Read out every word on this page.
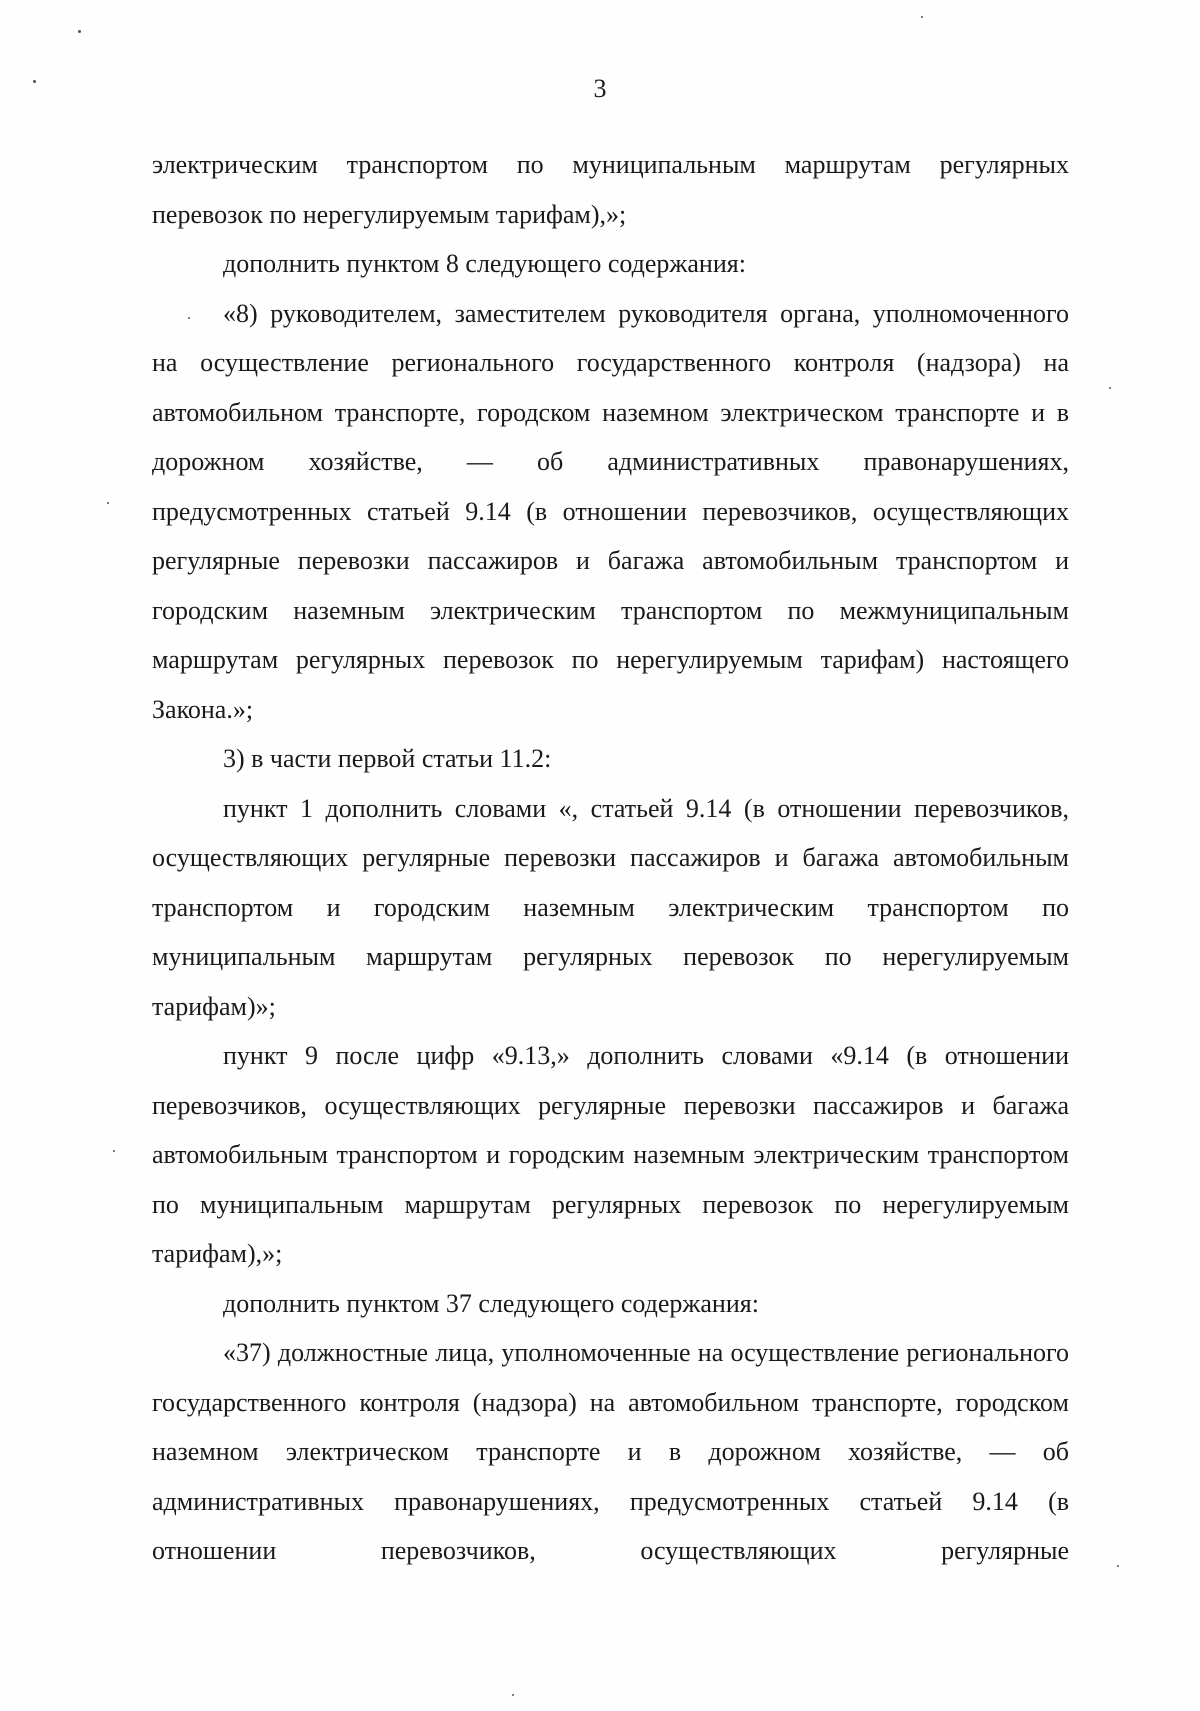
3

электрическим транспортом по муниципальным маршрутам регулярных перевозок по нерегулируемым тарифам),»;

дополнить пунктом 8 следующего содержания:

«8) руководителем, заместителем руководителя органа, уполномоченного на осуществление регионального государственного контроля (надзора) на автомобильном транспорте, городском наземном электрическом транспорте и в дорожном хозяйстве, — об административных правонарушениях, предусмотренных статьей 9.14 (в отношении перевозчиков, осуществляющих регулярные перевозки пассажиров и багажа автомобильным транспортом и городским наземным электрическим транспортом по межмуниципальным маршрутам регулярных перевозок по нерегулируемым тарифам) настоящего Закона.»;

3) в части первой статьи 11.2:

пункт 1 дополнить словами «, статьей 9.14 (в отношении перевозчиков, осуществляющих регулярные перевозки пассажиров и багажа автомобильным транспортом и городским наземным электрическим транспортом по муниципальным маршрутам регулярных перевозок по нерегулируемым тарифам)»;

пункт 9 после цифр «9.13,» дополнить словами «9.14 (в отношении перевозчиков, осуществляющих регулярные перевозки пассажиров и багажа автомобильным транспортом и городским наземным электрическим транспортом по муниципальным маршрутам регулярных перевозок по нерегулируемым тарифам),»;

дополнить пунктом 37 следующего содержания:

«37) должностные лица, уполномоченные на осуществление регионального государственного контроля (надзора) на автомобильном транспорте, городском наземном электрическом транспорте и в дорожном хозяйстве, — об административных правонарушениях, предусмотренных статьей 9.14 (в отношении перевозчиков, осуществляющих регулярные
